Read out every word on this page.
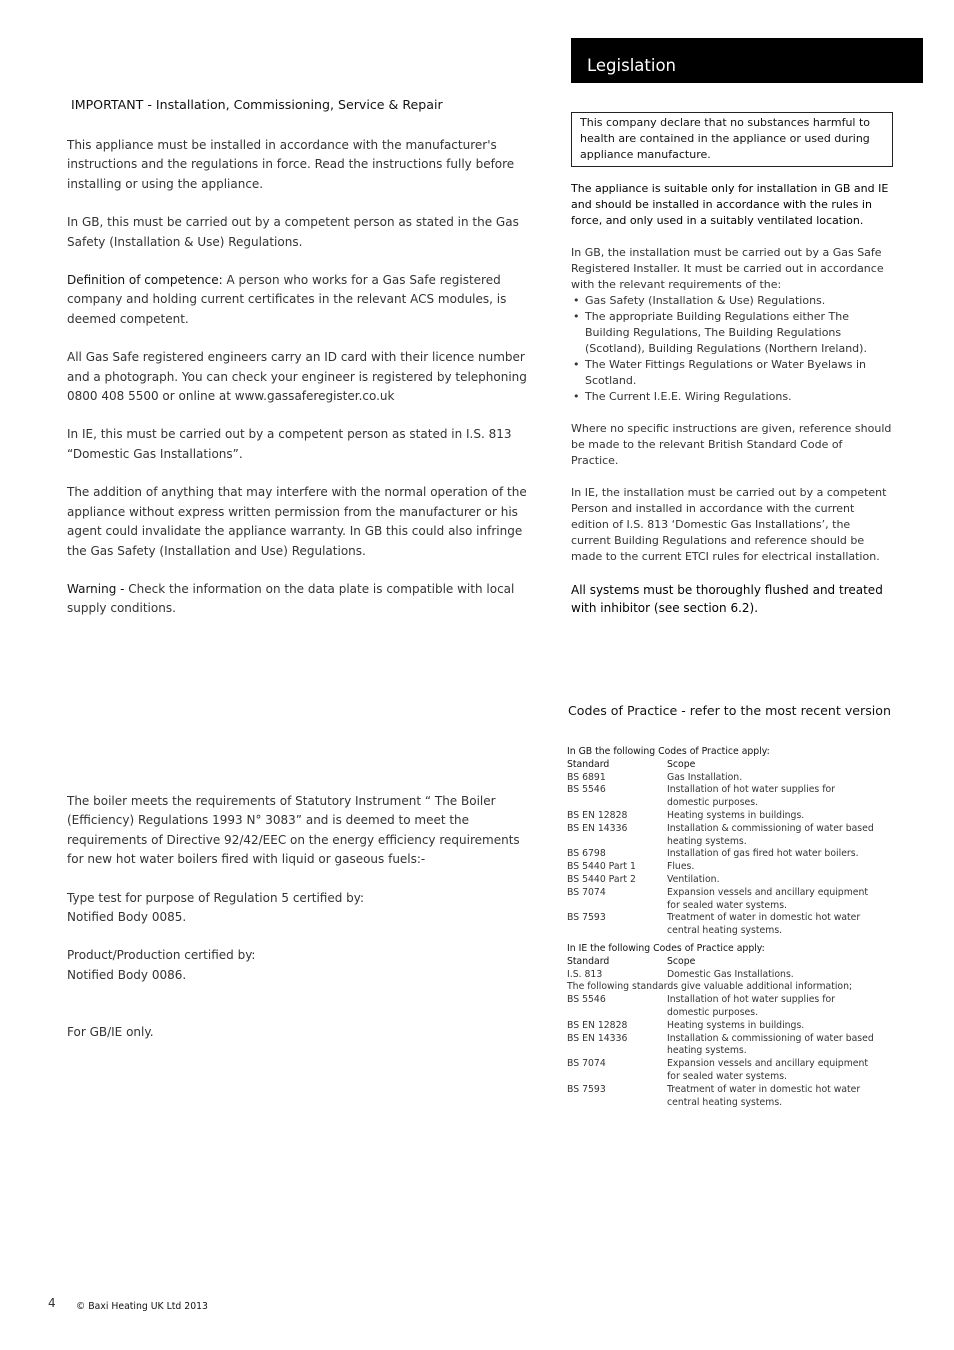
IMPORTANT - Installation, Commissioning, Service & Repair

This appliance must be installed in accordance with the manufacturer's instructions and the regulations in force. Read the instructions fully before installing or using the appliance.

In GB, this must be carried out by a competent person as stated in the Gas Safety (Installation & Use) Regulations.

Definition of competence: A person who works for a Gas Safe registered company and holding current certificates in the relevant ACS modules, is deemed competent.

All Gas Safe registered engineers carry an ID card with their licence number and a photograph. You can check your engineer is registered by telephoning
0800 408 5500 or online at www.gassaferegister.co.uk

In IE, this must be carried out by a competent person as stated in I.S. 813 “Domestic Gas Installations”.

The addition of anything that may interfere with the normal operation of the appliance without express written permission from the manufacturer or his agent could invalidate the appliance warranty. In GB this could also infringe the Gas Safety (Installation and Use) Regulations.

Warning - Check the information on the data plate is compatible with local supply conditions.

The boiler meets the requirements of Statutory Instrument “ The Boiler (Efficiency) Regulations 1993 N° 3083” and is deemed to meet the requirements of Directive 92/42/EEC on the energy efficiency requirements for new hot water boilers fired with liquid or gaseous fuels:-

Type test for purpose of Regulation 5 certified by:
Notified Body 0085.

Product/Production certified by:
Notified Body 0086.

For GB/IE only.

Legislation
This company declare that no substances harmful to health are contained in the appliance or used during appliance manufacture.

The appliance is suitable only for installation in GB and IE and should be installed in accordance with the rules in force, and only used in a suitably ventilated location.

In GB, the installation must be carried out by a Gas Safe Registered Installer. It must be carried out in accordance with the relevant requirements of the:

• Gas Safety (Installation & Use) Regulations.
• The appropriate Building Regulations either The Building Regulations, The Building Regulations (Scotland), Building Regulations (Northern Ireland).
• The Water Fittings Regulations or Water Byelaws in Scotland.
• The Current I.E.E. Wiring Regulations.

Where no specific instructions are given, reference should be made to the relevant British Standard Code of Practice.

In IE, the installation must be carried out by a competent Person and installed in accordance with the current edition of I.S. 813 ‘Domestic Gas Installations’, the current Building Regulations and reference should be made to the current ETCI rules for electrical installation.

All systems must be thoroughly flushed and treated with inhibitor (see section 6.2).

Codes of Practice - refer to the most recent version
In GB the following Codes of Practice apply:
Standard	Scope
BS 6891	Gas Installation.
BS 5546	Installation of hot water supplies for domestic purposes.
BS EN 12828	Heating systems in buildings.
BS EN 14336	Installation & commissioning of water based heating systems.
BS 6798	Installation of gas fired hot water boilers.
BS 5440 Part 1	Flues.
BS 5440 Part 2	Ventilation.
BS 7074	Expansion vessels and ancillary equipment for sealed water systems.
BS 7593	Treatment of water in domestic hot water central heating systems.
In IE the following Codes of Practice apply:
Standard	Scope
I.S. 813	Domestic Gas Installations.
The following standards give valuable additional information;
BS 5546	Installation of hot water supplies for domestic purposes.
BS EN 12828	Heating systems in buildings.
BS EN 14336	Installation & commissioning of water based heating systems.
BS 7074	Expansion vessels and ancillary equipment for sealed water systems.
BS 7593	Treatment of water in domestic hot water central heating systems.
4 © Baxi Heating UK Ltd 2013
